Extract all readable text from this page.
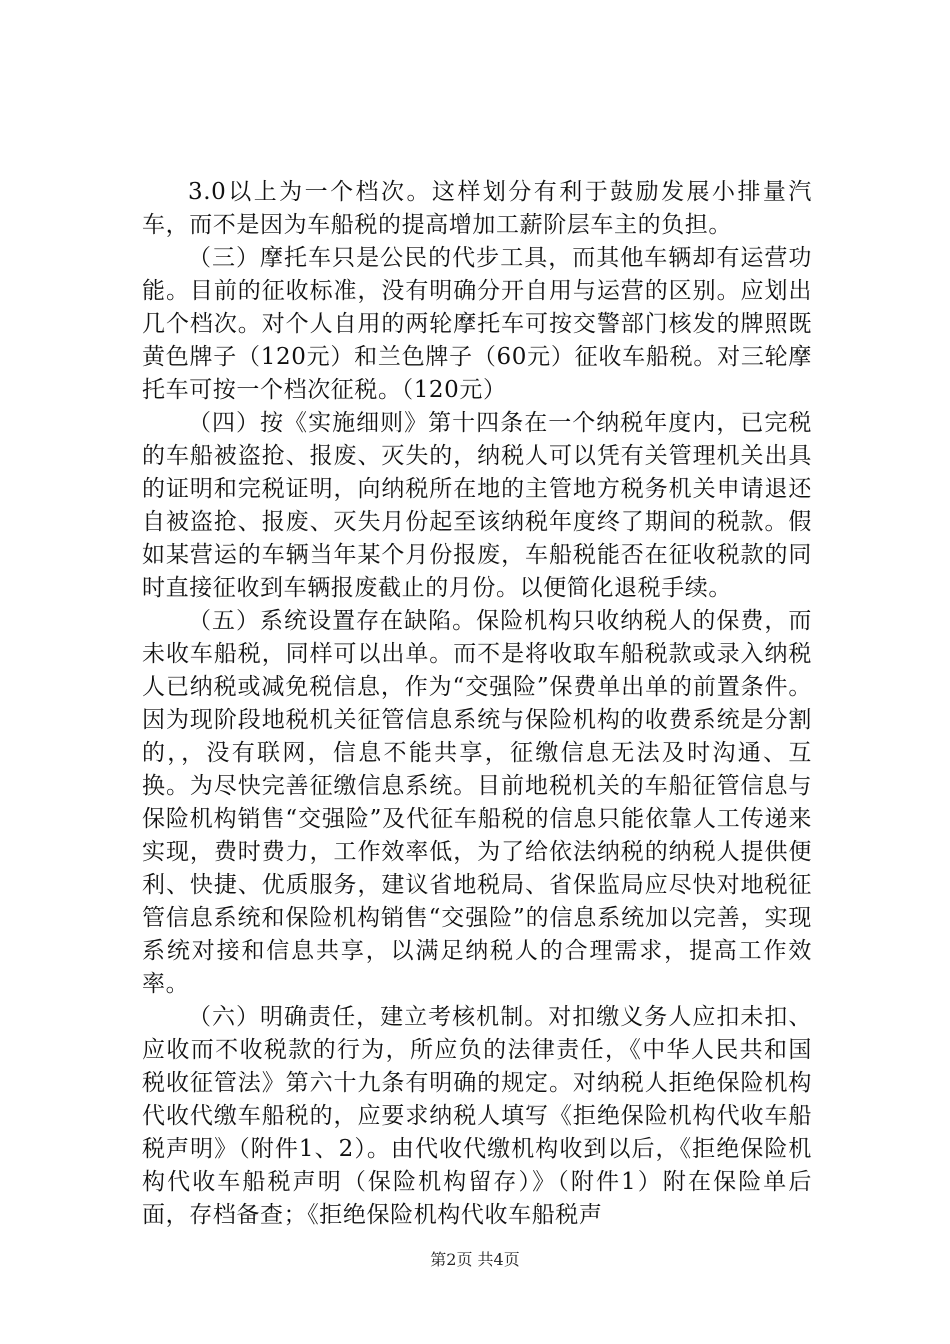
3.0以上为一个档次。这样划分有利于鼓励发展小排量汽车，而不是因为车船税的提高增加工薪阶层车主的负担。

（三）摩托车只是公民的代步工具，而其他车辆却有运营功能。目前的征收标准，没有明确分开自用与运营的区别。应划出几个档次。对个人自用的两轮摩托车可按交警部门核发的牌照既黄色牌子（120元）和兰色牌子（60元）征收车船税。对三轮摩托车可按一个档次征税。（120元）

（四）按《实施细则》第十四条在一个纳税年度内，已完税的车船被盗抢、报废、灭失的，纳税人可以凭有关管理机关出具的证明和完税证明，向纳税所在地的主管地方税务机关申请退还自被盗抢、报废、灭失月份起至该纳税年度终了期间的税款。假如某营运的车辆当年某个月份报废，车船税能否在征收税款的同时直接征收到车辆报废截止的月份。以便简化退税手续。

（五）系统设置存在缺陷。保险机构只收纳税人的保费，而未收车船税，同样可以出单。而不是将收取车船税款或录入纳税人已纳税或减免税信息，作为“交强险”保费单出单的前置条件。因为现阶段地税机关征管信息系统与保险机构的收费系统是分割的，，没有联网，信息不能共享，征缴信息无法及时沟通、互换。为尽快完善征缴信息系统。目前地税机关的车船征管信息与保险机构销售“交强险”及代征车船税的信息只能依靠人工传递来实现，费时费力，工作效率低，为了给依法纳税的纳税人提供便利、快捷、优质服务，建议省地税局、省保监局应尽快对地税征管信息系统和保险机构销售“交强险”的信息系统加以完善，实现系统对接和信息共享，以满足纳税人的合理需求，提高工作效率。

（六）明确责任，建立考核机制。对扣缴义务人应扣未扣、应收而不收税款的行为，所应负的法律责任，《中华人民共和国税收征管法》第六十九条有明确的规定。对纳税人拒绝保险机构代收代缴车船税的，应要求纳税人填写《拒绝保险机构代收车船税声明》（附件1、2）。由代收代缴机构收到以后，《拒绝保险机构代收车船税声明（保险机构留存）》（附件1）附在保险单后面，存档备查；《拒绝保险机构代收车船税声

第2页 共4页
